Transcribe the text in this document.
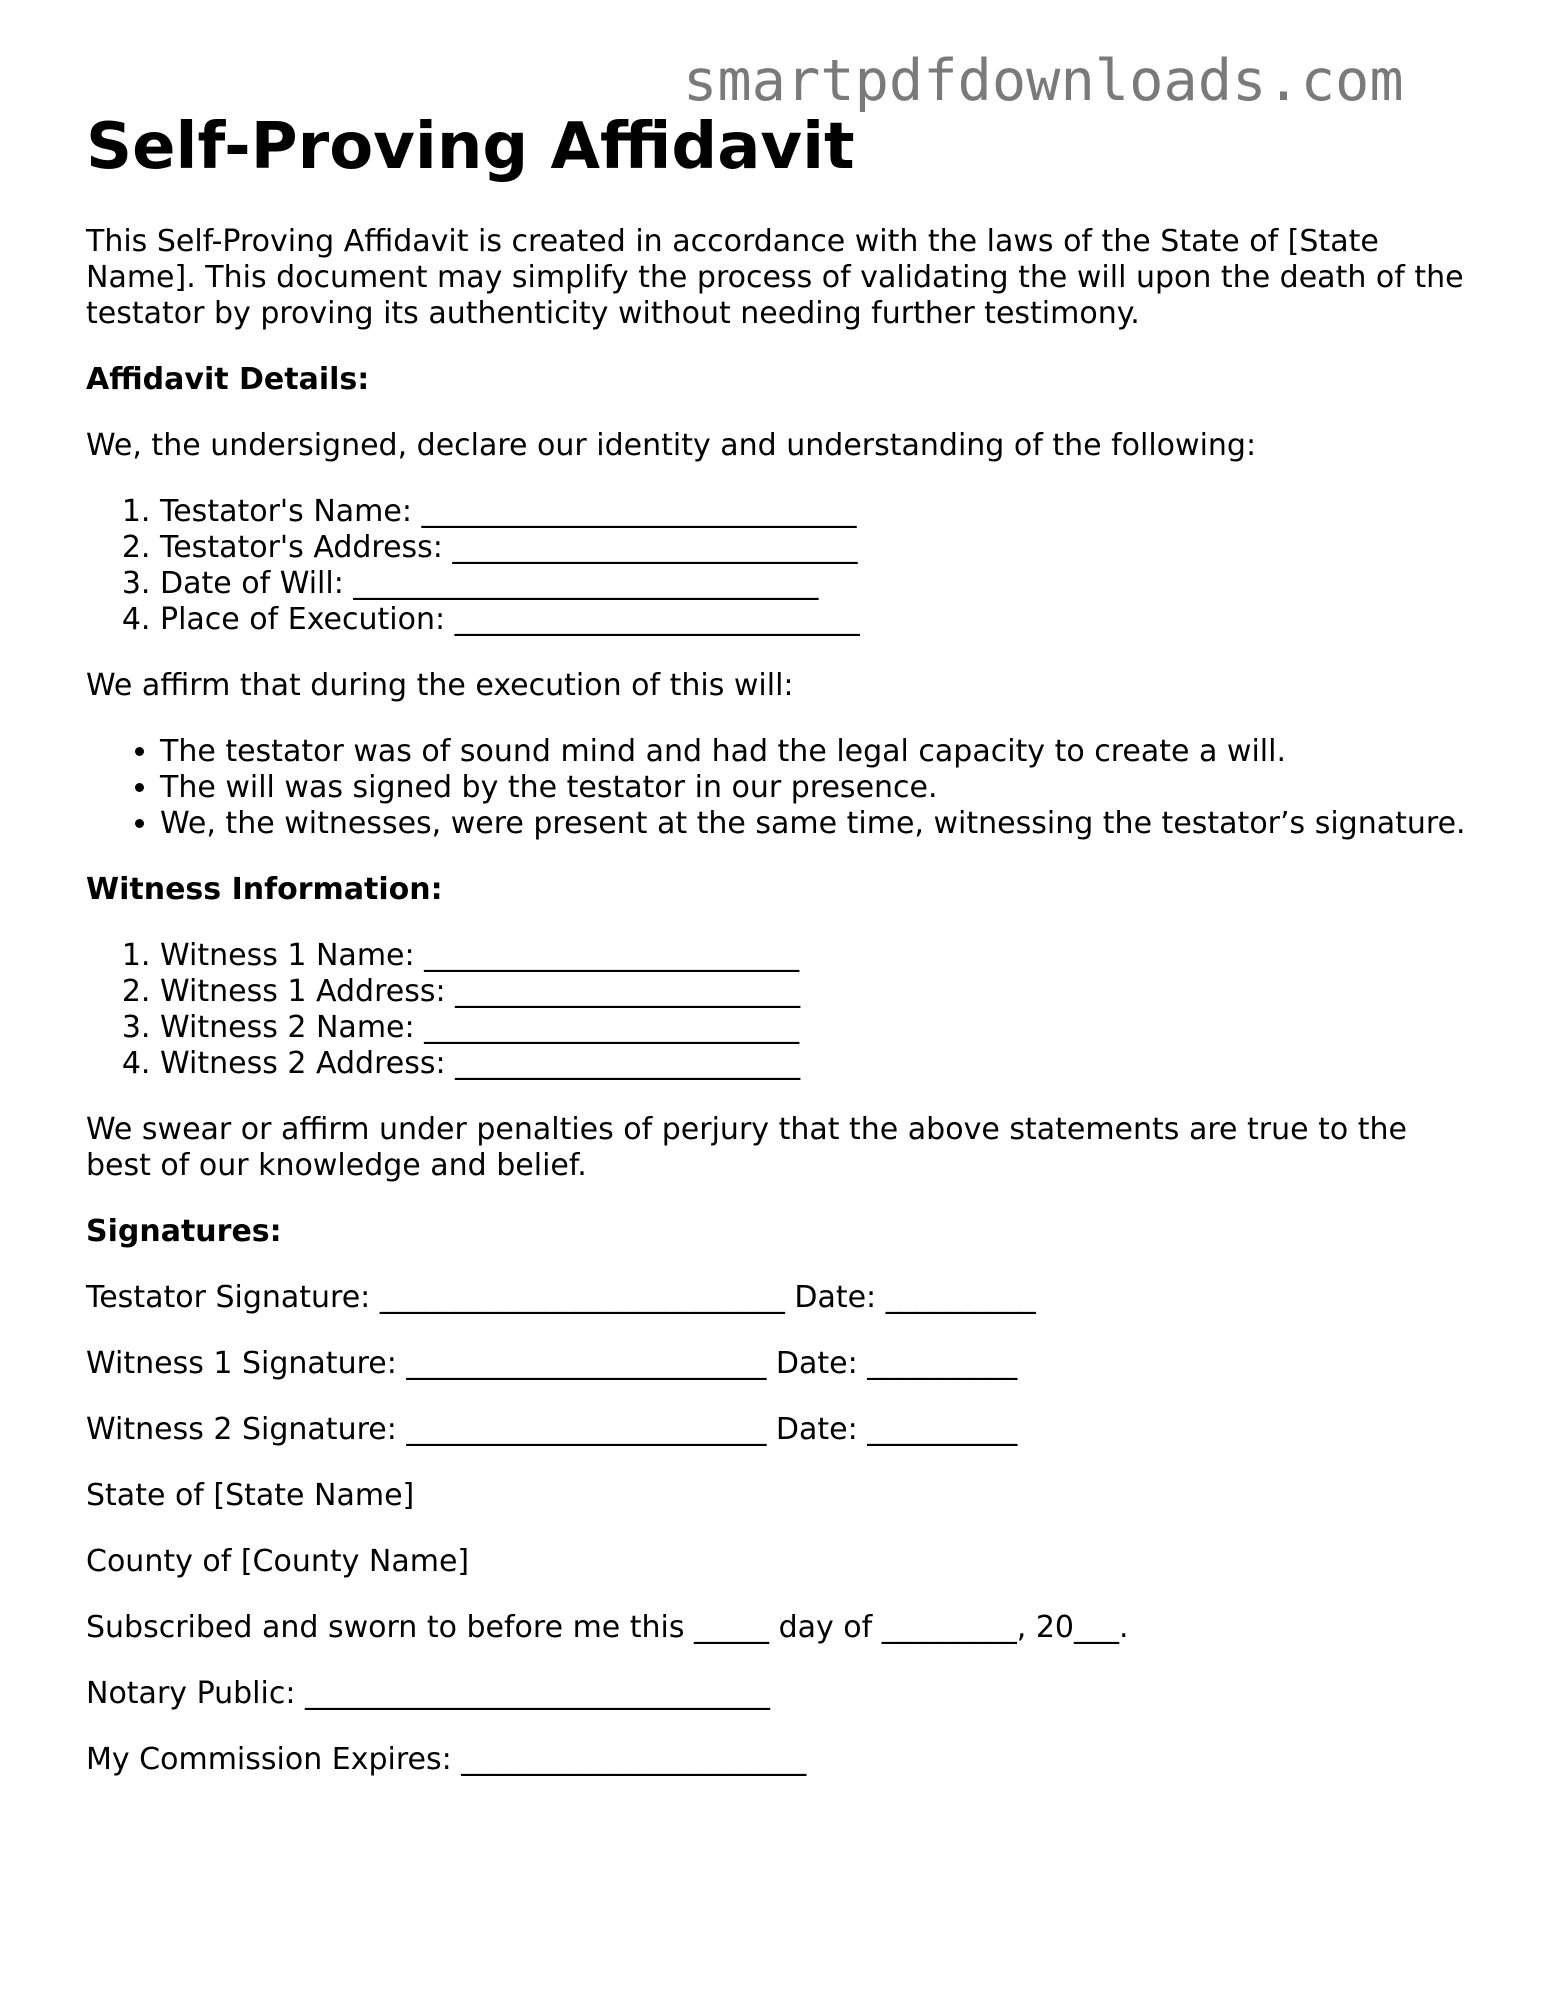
smartpdfdownloads.com
Self-Proving Affidavit

This Self-Proving Affidavit is created in accordance with the laws of the State of [State Name]. This document may simplify the process of validating the will upon the death of the testator by proving its authenticity without needing further testimony.

Affidavit Details:

We, the undersigned, declare our identity and understanding of the following:

1. Testator's Name: _____________________________
2. Testator's Address: ___________________________
3. Date of Will: _______________________________
4. Place of Execution: ___________________________

We affirm that during the execution of this will:

• The testator was of sound mind and had the legal capacity to create a will.
• The will was signed by the testator in our presence.
• We, the witnesses, were present at the same time, witnessing the testator’s signature.

Witness Information:

1. Witness 1 Name: _________________________
2. Witness 1 Address: _______________________
3. Witness 2 Name: _________________________
4. Witness 2 Address: _______________________

We swear or affirm under penalties of perjury that the above statements are true to the best of our knowledge and belief.

Signatures:

Testator Signature: ___________________________ Date: __________

Witness 1 Signature: ________________________ Date: __________

Witness 2 Signature: ________________________ Date: __________

State of [State Name]

County of [County Name]

Subscribed and sworn to before me this _____ day of _________, 20___.

Notary Public: _______________________________

My Commission Expires: _______________________
